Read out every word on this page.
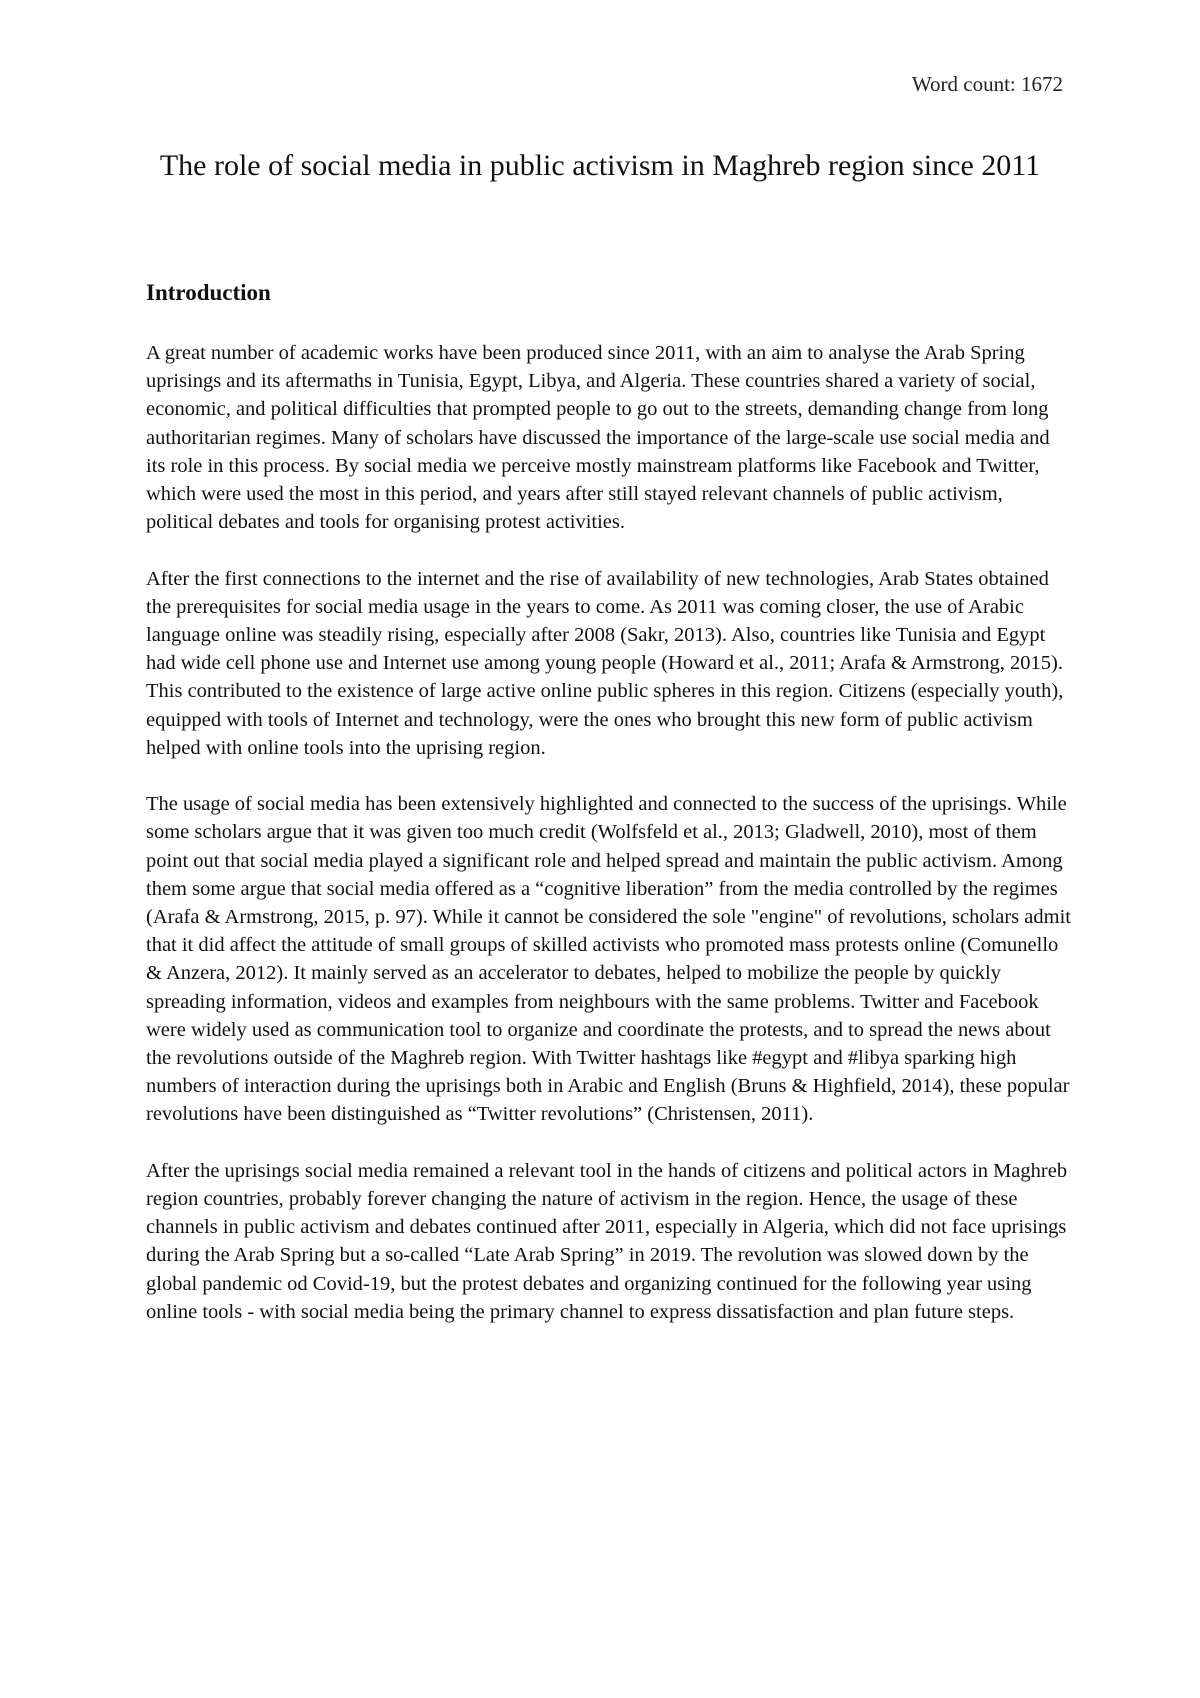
Word count: 1672
The role of social media in public activism in Maghreb region since 2011
Introduction

A great number of academic works have been produced since 2011, with an aim to analyse the Arab Spring uprisings and its aftermaths in Tunisia, Egypt, Libya, and Algeria. These countries shared a variety of social, economic, and political difficulties that prompted people to go out to the streets, demanding change from long authoritarian regimes. Many of scholars have discussed the importance of the large-scale use social media and its role in this process. By social media we perceive mostly mainstream platforms like Facebook and Twitter, which were used the most in this period, and years after still stayed relevant channels of public activism, political debates and tools for organising protest activities.

After the first connections to the internet and the rise of availability of new technologies, Arab States obtained the prerequisites for social media usage in the years to come. As 2011 was coming closer, the use of Arabic language online was steadily rising, especially after 2008 (Sakr, 2013). Also, countries like Tunisia and Egypt had wide cell phone use and Internet use among young people (Howard et al., 2011; Arafa & Armstrong, 2015). This contributed to the existence of large active online public spheres in this region. Citizens (especially youth), equipped with tools of Internet and technology, were the ones who brought this new form of public activism helped with online tools into the uprising region.

The usage of social media has been extensively highlighted and connected to the success of the uprisings. While some scholars argue that it was given too much credit (Wolfsfeld et al., 2013; Gladwell, 2010), most of them point out that social media played a significant role and helped spread and maintain the public activism. Among them some argue that social media offered as a “cognitive liberation” from the media controlled by the regimes (Arafa & Armstrong, 2015, p. 97). While it cannot be considered the sole "engine" of revolutions, scholars admit that it did affect the attitude of small groups of skilled activists who promoted mass protests online (Comunello & Anzera, 2012). It mainly served as an accelerator to debates, helped to mobilize the people by quickly spreading information, videos and examples from neighbours with the same problems. Twitter and Facebook were widely used as communication tool to organize and coordinate the protests, and to spread the news about the revolutions outside of the Maghreb region. With Twitter hashtags like #egypt and #libya sparking high numbers of interaction during the uprisings both in Arabic and English (Bruns & Highfield, 2014), these popular revolutions have been distinguished as “Twitter revolutions” (Christensen, 2011).

After the uprisings social media remained a relevant tool in the hands of citizens and political actors in Maghreb region countries, probably forever changing the nature of activism in the region. Hence, the usage of these channels in public activism and debates continued after 2011, especially in Algeria, which did not face uprisings during the Arab Spring but a so-called “Late Arab Spring” in 2019. The revolution was slowed down by the global pandemic od Covid-19, but the protest debates and organizing continued for the following year using online tools - with social media being the primary channel to express dissatisfaction and plan future steps.
